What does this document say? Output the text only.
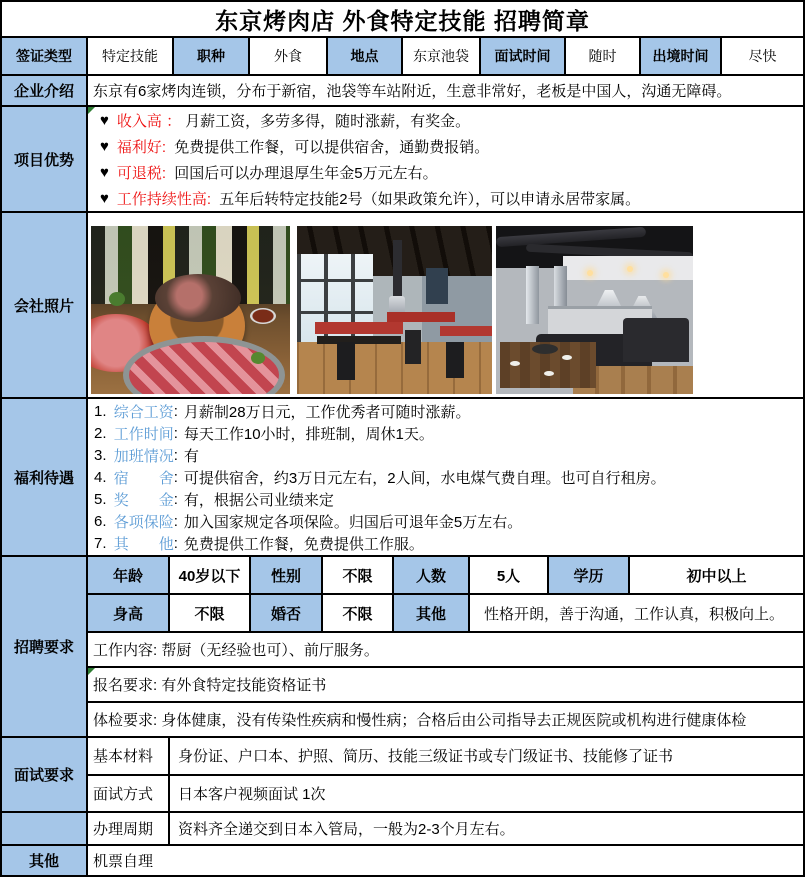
东京烤肉店 外食特定技能 招聘简章
签证类型	特定技能	职种	外食	地点	东京池袋	面试时间	随时	出境时间	尽快
企业介绍	东京有6家烤肉连锁，分布于新宿，池袋等车站附近，生意非常好，老板是中国人，沟通无障碍。
项目优势
♥ 收入高 ： 月薪工资，多劳多得，随时涨薪，有奖金。
♥ 福利好: 免费提供工作餐，可以提供宿舍，通勤费报销。
♥ 可退税: 回国后可以办理退厚生年金5万元左右。
♥ 工作持续性高: 五年后转特定技能2号（如果政策允许），可以申请永居带家属。
会社照片
福利待遇
1. 综合工资 : 月薪制28万日元，工作优秀者可随时涨薪。
2. 工作时间 : 每天工作10小时，排班制，周休1天。
3. 加班情况 : 有
4. 宿　　舍 : 可提供宿舍，约3万日元左右，2人间，水电煤气费自理。也可自行租房。
5. 奖　　金 : 有，根据公司业绩来定
6. 各项保险 : 加入国家规定各项保险。归国后可退年金5万左右。
7. 其　　他 : 免费提供工作餐，免费提供工作服。
招聘要求
年龄	40岁以下	性别	不限	人数	5人	学历	初中以上
身高	不限	婚否	不限	其他	性格开朗，善于沟通，工作认真，积极向上。
工作内容: 帮厨（无经验也可）、前厅服务。
报名要求: 有外食特定技能资格证书
体检要求: 身体健康，没有传染性疾病和慢性病；合格后由公司指导去正规医院或机构进行健康体检
面试要求
基本材料	身份证、户口本、护照、简历、技能三级证书或专门级证书、技能修了证书
面试方式	日本客户视频面试 1次
办理周期	资料齐全递交到日本入管局，一般为2-3个月左右。
其他	机票自理
